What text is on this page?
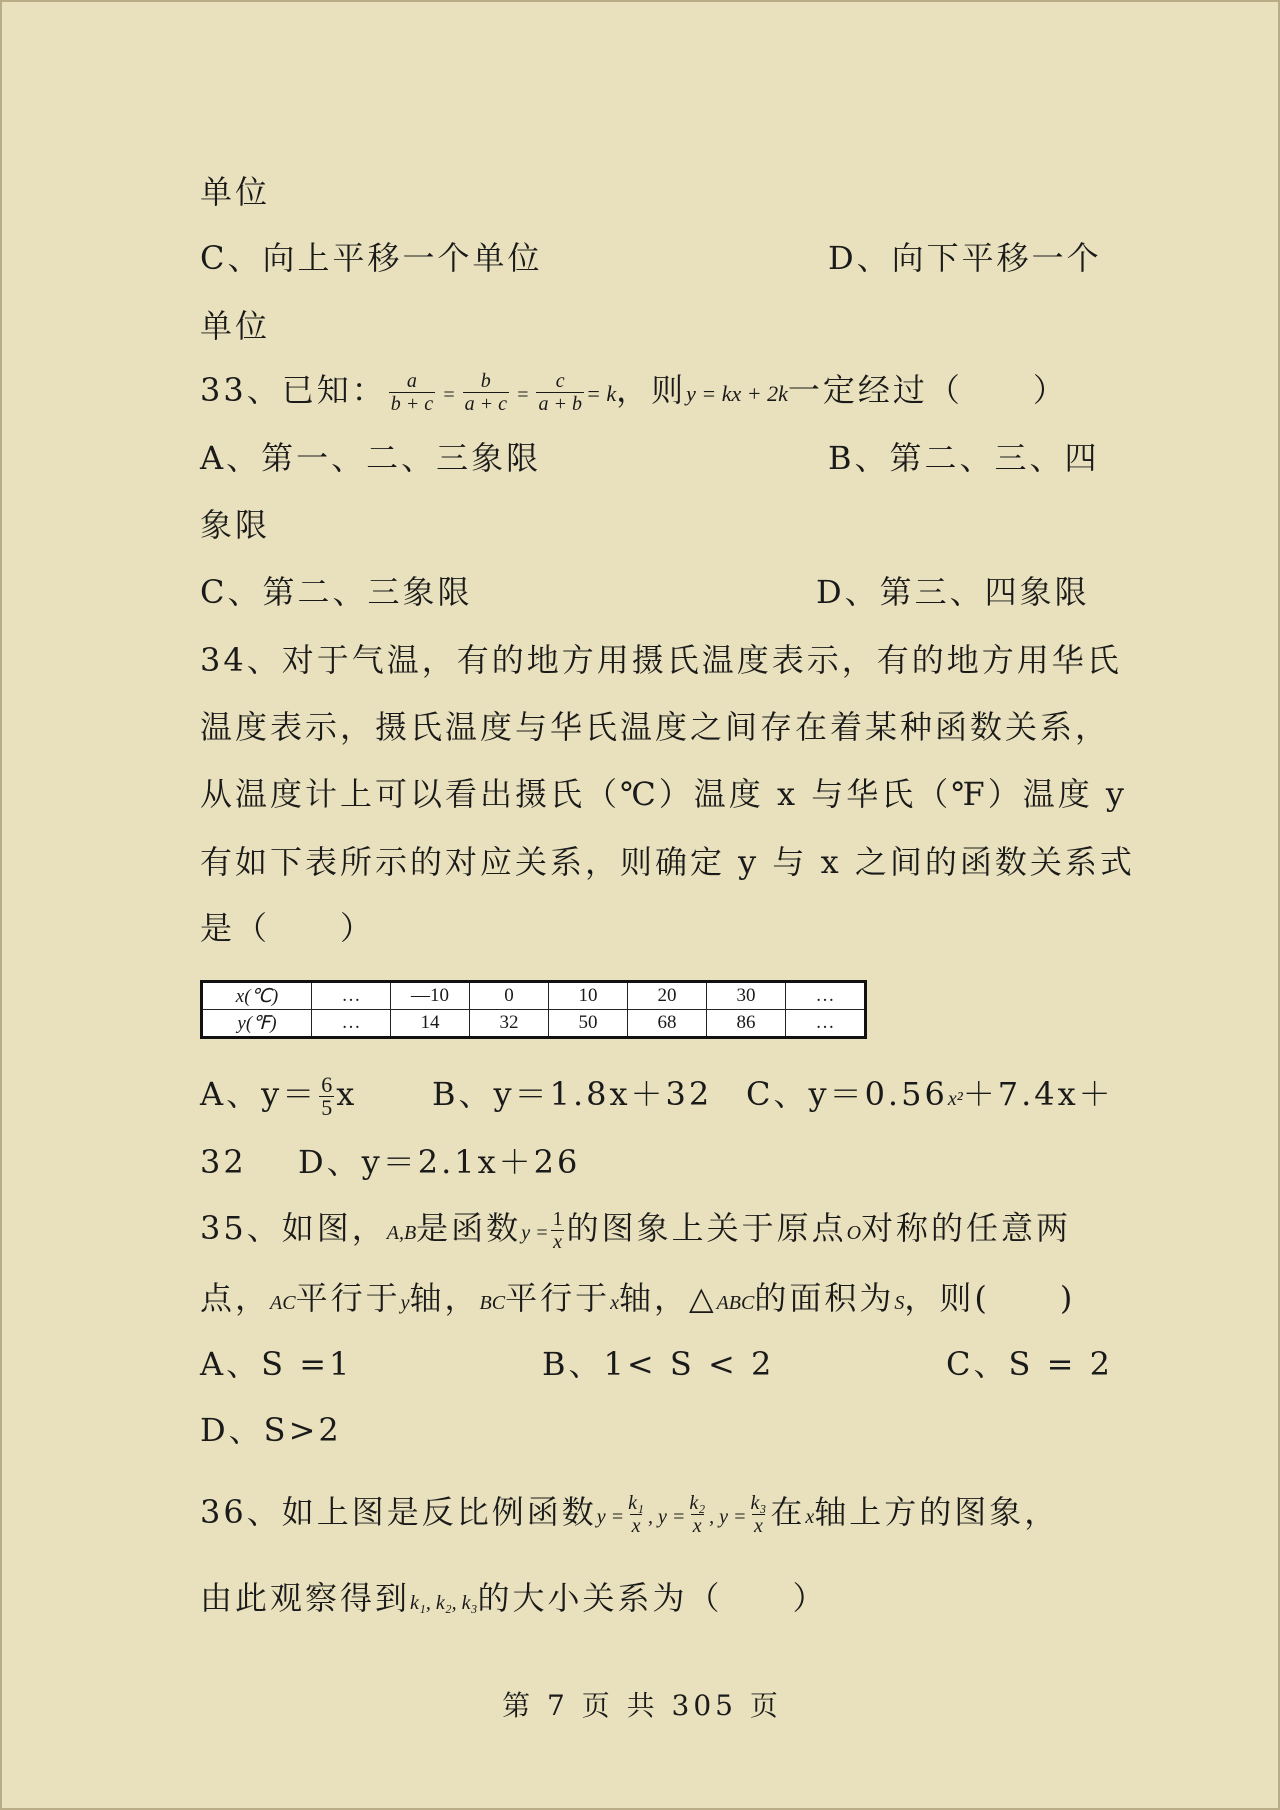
单位
C、向上平移一个单位	D、向下平移一个
单位
33、已知： $\frac{a}{b + c} = \frac{b}{a + c} = \frac{c}{a + b} = k$，则y = kx + 2k一定经过（　　）
A、第一、二、三象限	B、第二、三、四
象限
C、第二、三象限	D、第三、四象限
34、对于气温，有的地方用摄氏温度表示，有的地方用华氏
温度表示，摄氏温度与华氏温度之间存在着某种函数关系，
从温度计上可以看出摄氏（℃）温度 x 与华氏（℉）温度 y
有如下表所示的对应关系，则确定 y 与 x 之间的函数关系式
是（　　）
x(℃)	…	—10	0	10	20	30	…
y(℉)	…	14	32	50	68	86	…
A、$y= \frac{6}{5}$ x B、y＝1.8x＋32 C、y＝0.56x²＋7.4x＋
32 D、y＝2.1x＋26
35、如图，A,B是函数$y = \frac{1}{x}$ 的图象上关于原点O对称的任意两
点，AC平行于y轴，BC平行于x轴，△ABC的面积为S，则(　　)
A、S =1	B、1< S < 2	C、S = 2
D、S>2
36、如上图是反比例函数$y = \frac{\text{k₁}}{x}$ , $y = \frac{\text{k₂}}{x}$ , $y = \frac{\text{k₃}}{x}$ 在x轴上方的图象，
由此观察得到k₁, k₂, k₃的大小关系为（　　）
第 7 页 共 305 页
